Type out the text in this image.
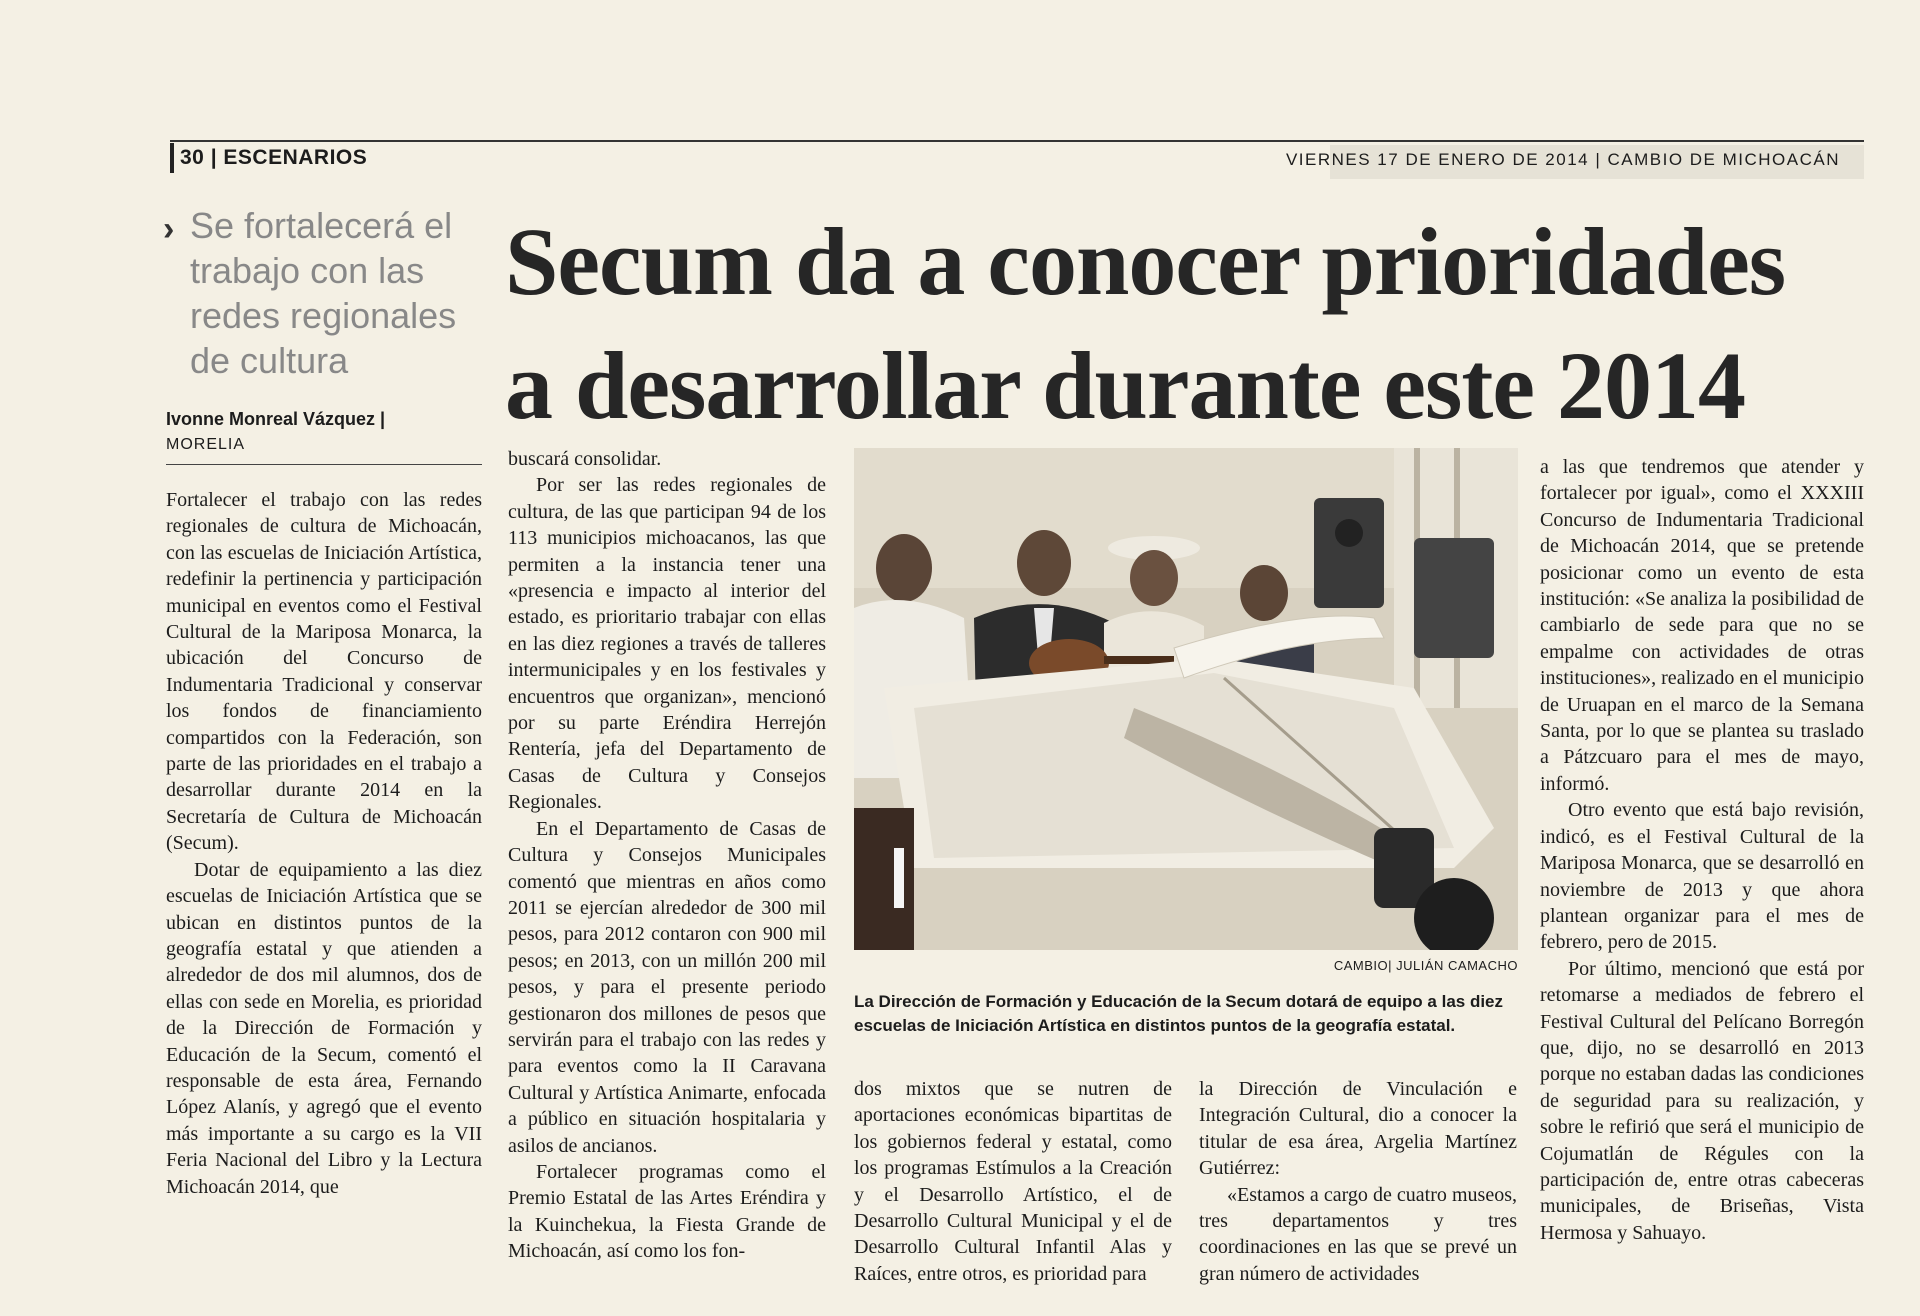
30 | ESCENARIOS	VIERNES 17 DE ENERO DE 2014 | CAMBIO DE MICHOACÁN
› Se fortalecerá el trabajo con las redes regionales de cultura
Secum da a conocer prioridades
a desarrollar durante este 2014
Ivonne Monreal Vázquez |
MORELIA

Fortalecer el trabajo con las redes regionales de cultura de Michoacán, con las escuelas de Iniciación Artística, redefinir la pertinencia y participación municipal en eventos como el Festival Cultural de la Mariposa Monarca, la ubicación del Concurso de Indumentaria Tradicional y conservar los fondos de financiamiento compartidos con la Federación, son parte de las prioridades en el trabajo a desarrollar durante 2014 en la Secretaría de Cultura de Michoacán (Secum).

Dotar de equipamiento a las diez escuelas de Iniciación Artística que se ubican en distintos puntos de la geografía estatal y que atienden a alrededor de dos mil alumnos, dos de ellas con sede en Morelia, es prioridad de la Dirección de Formación y Educación de la Secum, comentó el responsable de esta área, Fernando López Alanís, y agregó que el evento más importante a su cargo es la VII Feria Nacional del Libro y la Lectura Michoacán 2014, que

buscará consolidar.

Por ser las redes regionales de cultura, de las que participan 94 de los 113 municipios michoacanos, las que permiten a la instancia tener una «presencia e impacto al interior del estado, es prioritario trabajar con ellas en las diez regiones a través de talleres intermunicipales y en los festivales y encuentros que organizan», mencionó por su parte Eréndira Herrejón Rentería, jefa del Departamento de Casas de Cultura y Consejos Regionales.

En el Departamento de Casas de Cultura y Consejos Municipales comentó que mientras en años como 2011 se ejercían alrededor de 300 mil pesos, para 2012 contaron con 900 mil pesos; en 2013, con un millón 200 mil pesos, y para el presente periodo gestionaron dos millones de pesos que servirán para el trabajo con las redes y para eventos como la II Caravana Cultural y Artística Animarte, enfocada a público en situación hospitalaria y asilos de ancianos.

Fortalecer programas como el Premio Estatal de las Artes Eréndira y la Kuinchekua, la Fiesta Grande de Michoacán, así como los fon-

CAMBIO| JULIÁN CAMACHO
La Dirección de Formación y Educación de la Secum dotará de equipo a las diez escuelas de Iniciación Artística en distintos puntos de la geografía estatal.

dos mixtos que se nutren de aportaciones económicas bipartitas de los gobiernos federal y estatal, como los programas Estímulos a la Creación y el Desarrollo Artístico, el de Desarrollo Cultural Municipal y el de Desarrollo Cultural Infantil Alas y Raíces, entre otros, es prioridad para

la Dirección de Vinculación e Integración Cultural, dio a conocer la titular de esa área, Argelia Martínez Gutiérrez:

«Estamos a cargo de cuatro museos, tres departamentos y tres coordinaciones en las que se prevé un gran número de actividades

a las que tendremos que atender y fortalecer por igual», como el XXXIII Concurso de Indumentaria Tradicional de Michoacán 2014, que se pretende posicionar como un evento de esta institución: «Se analiza la posibilidad de cambiarlo de sede para que no se empalme con actividades de otras instituciones», realizado en el municipio de Uruapan en el marco de la Semana Santa, por lo que se plantea su traslado a Pátzcuaro para el mes de mayo, informó.

Otro evento que está bajo revisión, indicó, es el Festival Cultural de la Mariposa Monarca, que se desarrolló en noviembre de 2013 y que ahora plantean organizar para el mes de febrero, pero de 2015.

Por último, mencionó que está por retomarse a mediados de febrero el Festival Cultural del Pelícano Borregón que, dijo, no se desarrolló en 2013 porque no estaban dadas las condiciones de seguridad para su realización, y sobre le refirió que será el municipio de Cojumatlán de Régules con la participación de, entre otras cabeceras municipales, de Briseñas, Vista Hermosa y Sahuayo.
